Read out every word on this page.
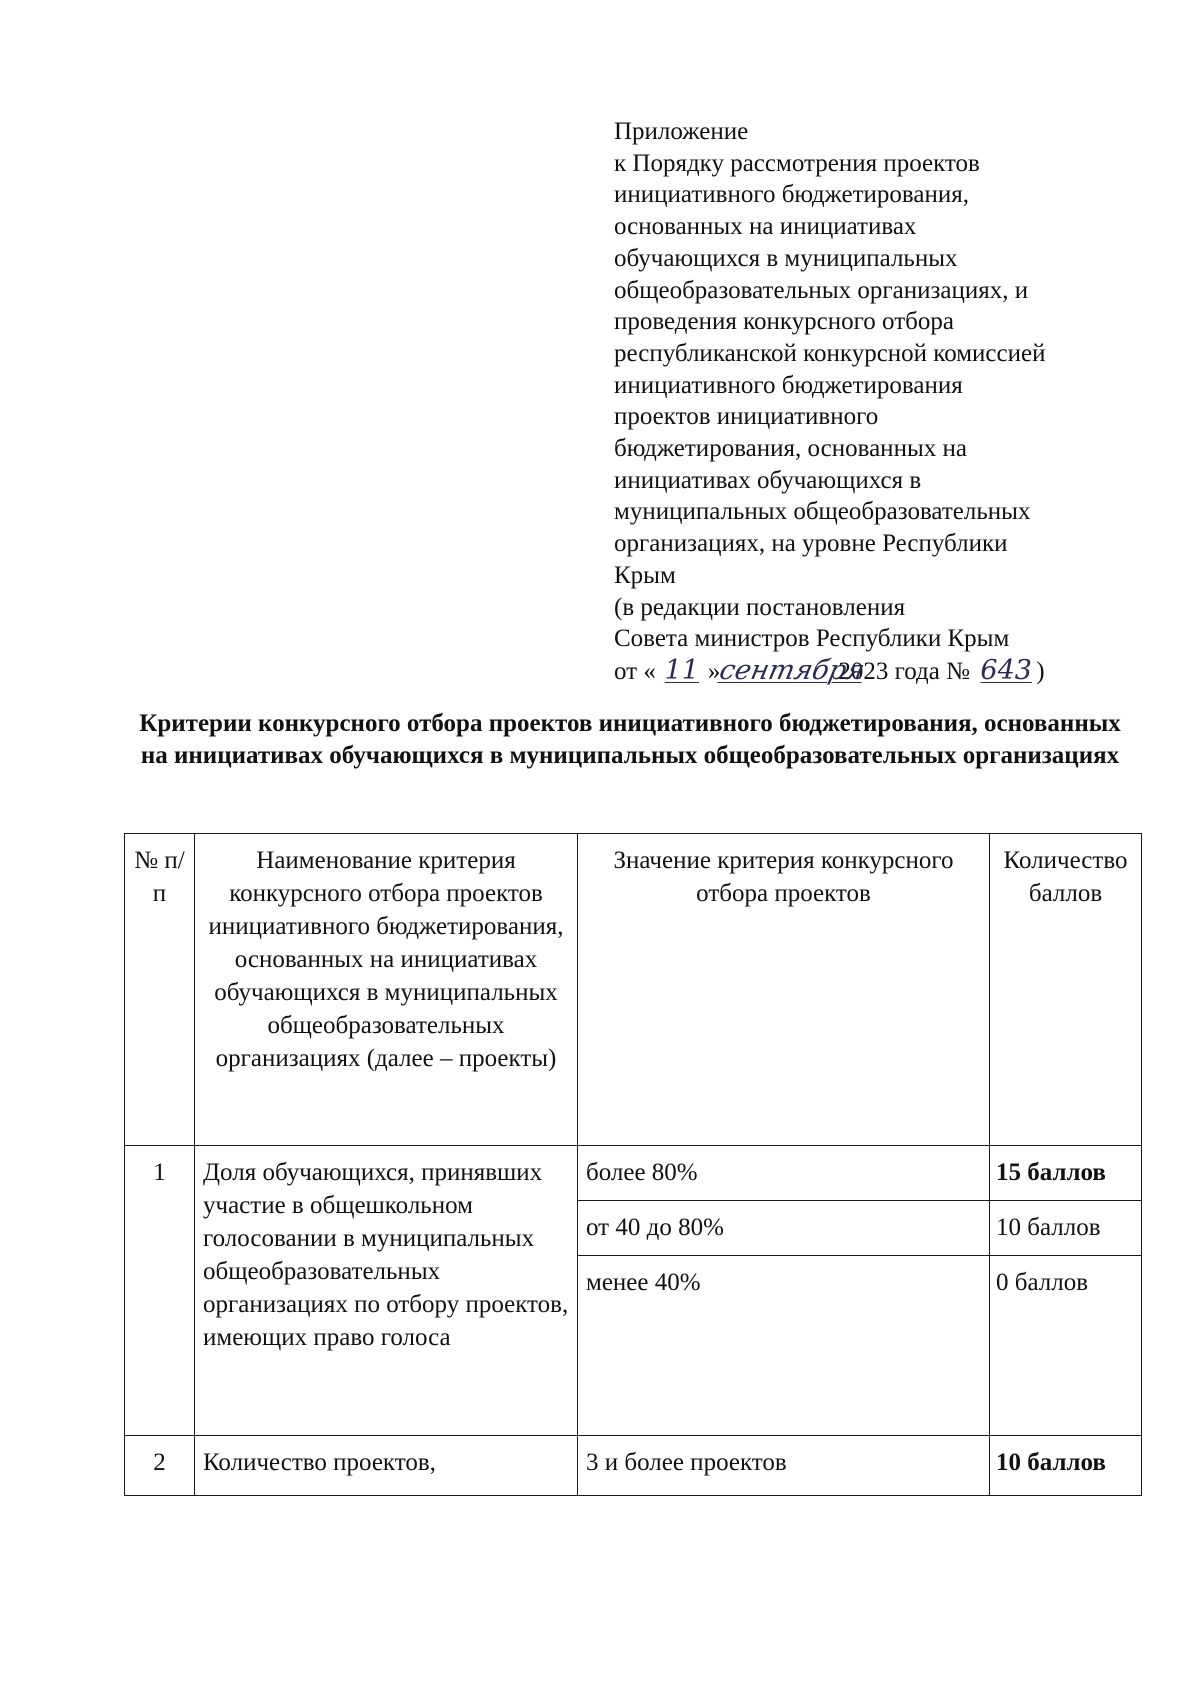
Приложение
к Порядку рассмотрения проектов
инициативного бюджетирования,
основанных на инициативах
обучающихся в муниципальных
общеобразовательных организациях, и
проведения конкурсного отбора
республиканской конкурсной комиссией
инициативного бюджетирования
проектов инициативного
бюджетирования, основанных на
инициативах обучающихся в
муниципальных общеобразовательных
организациях, на уровне Республики
Крым
(в редакции постановления
Совета министров Республики Крым
от « 11 »сентября2023 года № 643 )
Критерии конкурсного отбора проектов инициативного бюджетирования, основанных на инициативах обучающихся в муниципальных общеобразовательных организациях
№ п/п	Наименование критерия конкурсного отбора проектов инициативного бюджетирования, основанных на инициативах обучающихся в муниципальных общеобразовательных организациях (далее – проекты)	Значение критерия конкурсного отбора проектов	Количество баллов
1	Доля обучающихся, принявших участие в общешкольном голосовании в муниципальных общеобразовательных организациях по отбору проектов, имеющих право голоса	более 80%	15 баллов
		от 40 до 80%	10 баллов
		менее 40%	0 баллов
2	Количество проектов,	3 и более проектов	10 баллов
